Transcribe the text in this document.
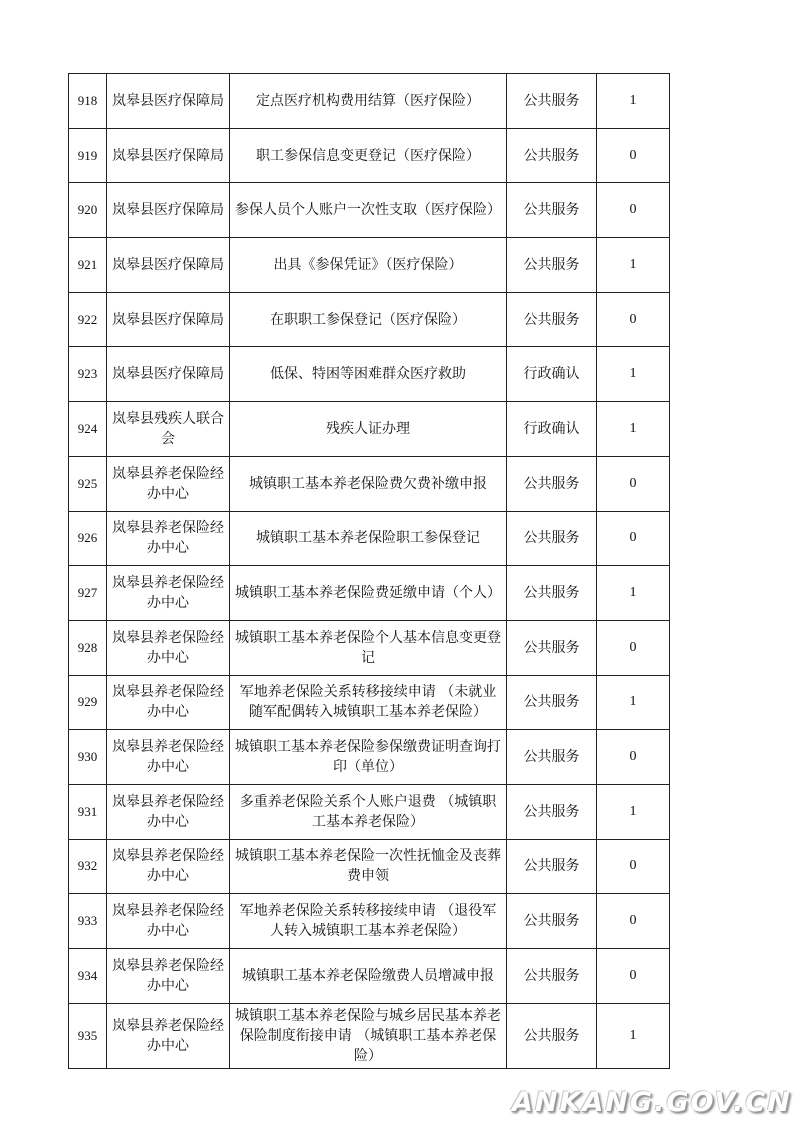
918	岚皋县医疗保障局	定点医疗机构费用结算（医疗保险）	公共服务	1
919	岚皋县医疗保障局	职工参保信息变更登记（医疗保险）	公共服务	0
920	岚皋县医疗保障局	参保人员个人账户一次性支取（医疗保险）	公共服务	0
921	岚皋县医疗保障局	出具《参保凭证》（医疗保险）	公共服务	1
922	岚皋县医疗保障局	在职职工参保登记（医疗保险）	公共服务	0
923	岚皋县医疗保障局	低保、特困等困难群众医疗救助	行政确认	1
924	岚皋县残疾人联合会	残疾人证办理	行政确认	1
925	岚皋县养老保险经办中心	城镇职工基本养老保险费欠费补缴申报	公共服务	0
926	岚皋县养老保险经办中心	城镇职工基本养老保险职工参保登记	公共服务	0
927	岚皋县养老保险经办中心	城镇职工基本养老保险费延缴申请（个人）	公共服务	1
928	岚皋县养老保险经办中心	城镇职工基本养老保险个人基本信息变更登记	公共服务	0
929	岚皋县养老保险经办中心	军地养老保险关系转移接续申请 （未就业随军配偶转入城镇职工基本养老保险）	公共服务	1
930	岚皋县养老保险经办中心	城镇职工基本养老保险参保缴费证明查询打印（单位）	公共服务	0
931	岚皋县养老保险经办中心	多重养老保险关系个人账户退费 （城镇职工基本养老保险）	公共服务	1
932	岚皋县养老保险经办中心	城镇职工基本养老保险一次性抚恤金及丧葬费申领	公共服务	0
933	岚皋县养老保险经办中心	军地养老保险关系转移接续申请 （退役军人转入城镇职工基本养老保险）	公共服务	0
934	岚皋县养老保险经办中心	城镇职工基本养老保险缴费人员增减申报	公共服务	0
935	岚皋县养老保险经办中心	城镇职工基本养老保险与城乡居民基本养老保险制度衔接申请 （城镇职工基本养老保险）	公共服务	1
ANKANG.GOV.CN
